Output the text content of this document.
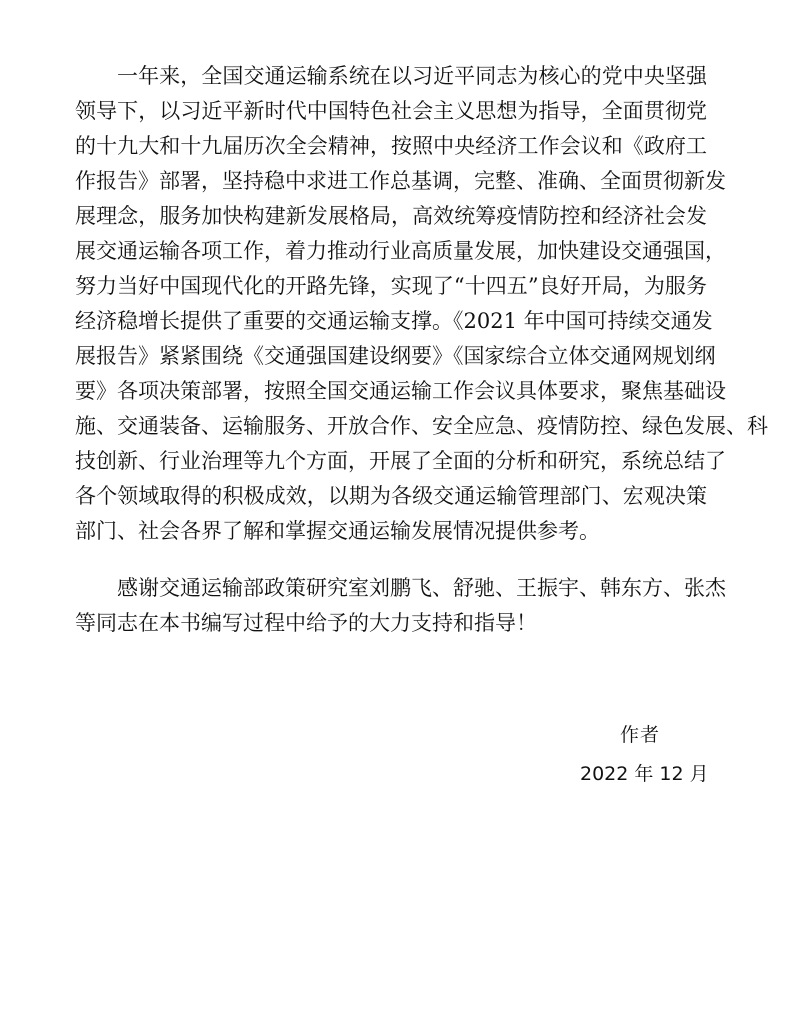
一年来，全国交通运输系统在以习近平同志为核心的党中央坚强
领导下，以习近平新时代中国特色社会主义思想为指导，全面贯彻党
的十九大和十九届历次全会精神，按照中央经济工作会议和《政府工
作报告》部署，坚持稳中求进工作总基调，完整、准确、全面贯彻新发
展理念，服务加快构建新发展格局，高效统筹疫情防控和经济社会发
展交通运输各项工作，着力推动行业高质量发展，加快建设交通强国，
努力当好中国现代化的开路先锋，实现了“十四五”良好开局，为服务
经济稳增长提供了重要的交通运输支撑。《2021 年中国可持续交通发
展报告》紧紧围绕《交通强国建设纲要》《国家综合立体交通网规划纲
要》各项决策部署，按照全国交通运输工作会议具体要求，聚焦基础设
施、交通装备、运输服务、开放合作、安全应急、疫情防控、绿色发展、科
技创新、行业治理等九个方面，开展了全面的分析和研究，系统总结了
各个领域取得的积极成效，以期为各级交通运输管理部门、宏观决策
部门、社会各界了解和掌握交通运输发展情况提供参考。
感谢交通运输部政策研究室刘鹏飞、舒驰、王振宇、韩东方、张杰
等同志在本书编写过程中给予的大力支持和指导！
作者
2022 年 12 月
